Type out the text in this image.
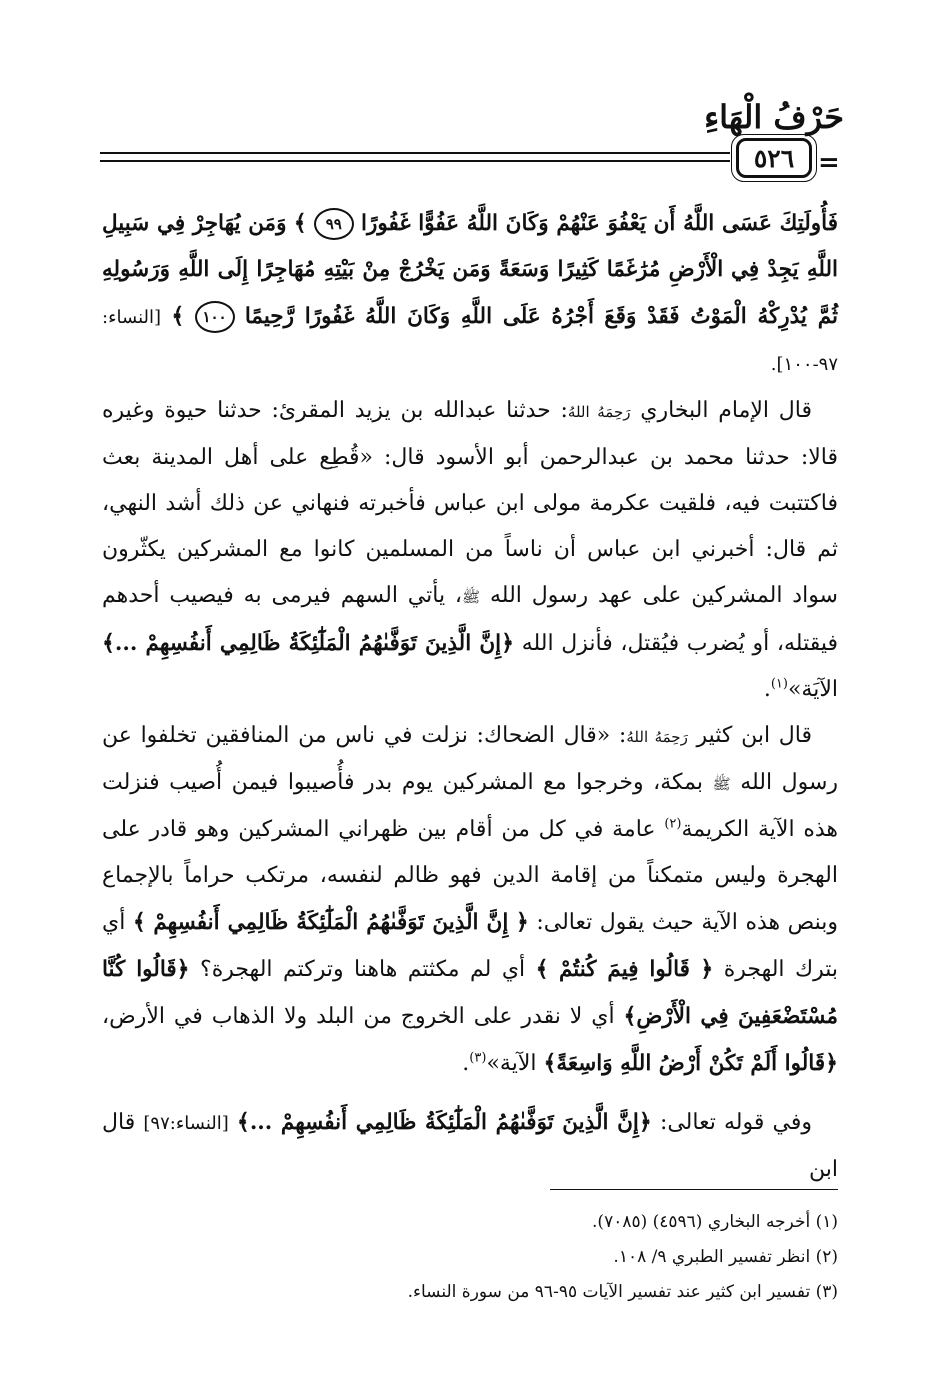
حَرْفُ الْهَاءِ
٥٢٦ =

فَأُولَتِكَ عَسَى اللَّهُ أَن يَعْفُوَ عَنْهُمْ وَكَانَ اللَّهُ عَفُوًّا غَفُورًا ٩٩ ﴾ وَمَن يُهَاجِرْ فِي سَبِيلِ اللَّهِ يَجِدْ فِي الْأَرْضِ مُرَٰغَمًا كَثِيرًا وَسَعَةً وَمَن يَخْرُجْ مِنْ بَيْتِهِ مُهَاجِرًا إِلَى اللَّهِ وَرَسُولِهِ ثُمَّ يُدْرِكْهُ الْمَوْتُ فَقَدْ وَقَعَ أَجْرُهُ عَلَى اللَّهِ وَكَانَ اللَّهُ غَفُورًا رَّحِيمًا ١٠٠ ﴾ [النساء: ٩٧-١٠٠].

قال الإمام البخاري رَحِمَهُ اللهُ: حدثنا عبدالله بن يزيد المقرئ: حدثنا حيوة وغيره قالا: حدثنا محمد بن عبدالرحمن أبو الأسود قال: «قُطِع على أهل المدينة بعث فاكتتبت فيه، فلقيت عكرمة مولى ابن عباس فأخبرته فنهاني عن ذلك أشد النهي، ثم قال: أخبرني ابن عباس أن ناساً من المسلمين كانوا مع المشركين يكثّرون سواد المشركين على عهد رسول الله ﷺ، يأتي السهم فيرمى به فيصيب أحدهم فيقتله، أو يُضرب فيُقتل، فأنزل الله ﴿إِنَّ الَّذِينَ تَوَفَّىٰهُمُ الْمَلَٰٓئِكَةُ ظَالِمِي أَنفُسِهِمْ ...﴾الآيَة»$^{(١)}$.

قال ابن كثير رَحِمَهُ اللهُ: «قال الضحاك: نزلت في ناس من المنافقين تخلفوا عن رسول الله ﷺ بمكة، وخرجوا مع المشركين يوم بدر فأُصيبوا فيمن أُصيب فنزلت هذه الآية الكريمة$^{(٢)}$ عامة في كل من أقام بين ظهراني المشركين وهو قادر على الهجرة وليس متمكناً من إقامة الدين فهو ظالم لنفسه، مرتكب حراماً بالإجماع وبنص هذه الآية حيث يقول تعالى: ﴿ إِنَّ الَّذِينَ تَوَفَّىٰهُمُ الْمَلَٰٓئِكَةُ ظَالِمِي أَنفُسِهِمْ ﴾ أي بترك الهجرة ﴿ قَالُوا فِيمَ كُنتُمْ ﴾ أي لم مكثتم هاهنا وتركتم الهجرة؟ ﴿قَالُوا كُنَّا مُسْتَضْعَفِينَ فِي الْأَرْضِ﴾ أي لا نقدر على الخروج من البلد ولا الذهاب في الأرض، ﴿قَالُوا أَلَمْ تَكُنْ أَرْضُ اللَّهِ وَاسِعَةً﴾ الآية»$^{(٣)}$.

وفي قوله تعالى: ﴿إِنَّ الَّذِينَ تَوَفَّىٰهُمُ الْمَلَٰٓئِكَةُ ظَالِمِي أَنفُسِهِمْ ...﴾ [النساء:٩٧] قال ابن

(١) أخرجه البخاري (٤٥٩٦) (٧٠٨٥).
(٢) انظر تفسير الطبري ٩/ ١٠٨.
(٣) تفسير ابن كثير عند تفسير الآيات ٩٥-٩٦ من سورة النساء.
